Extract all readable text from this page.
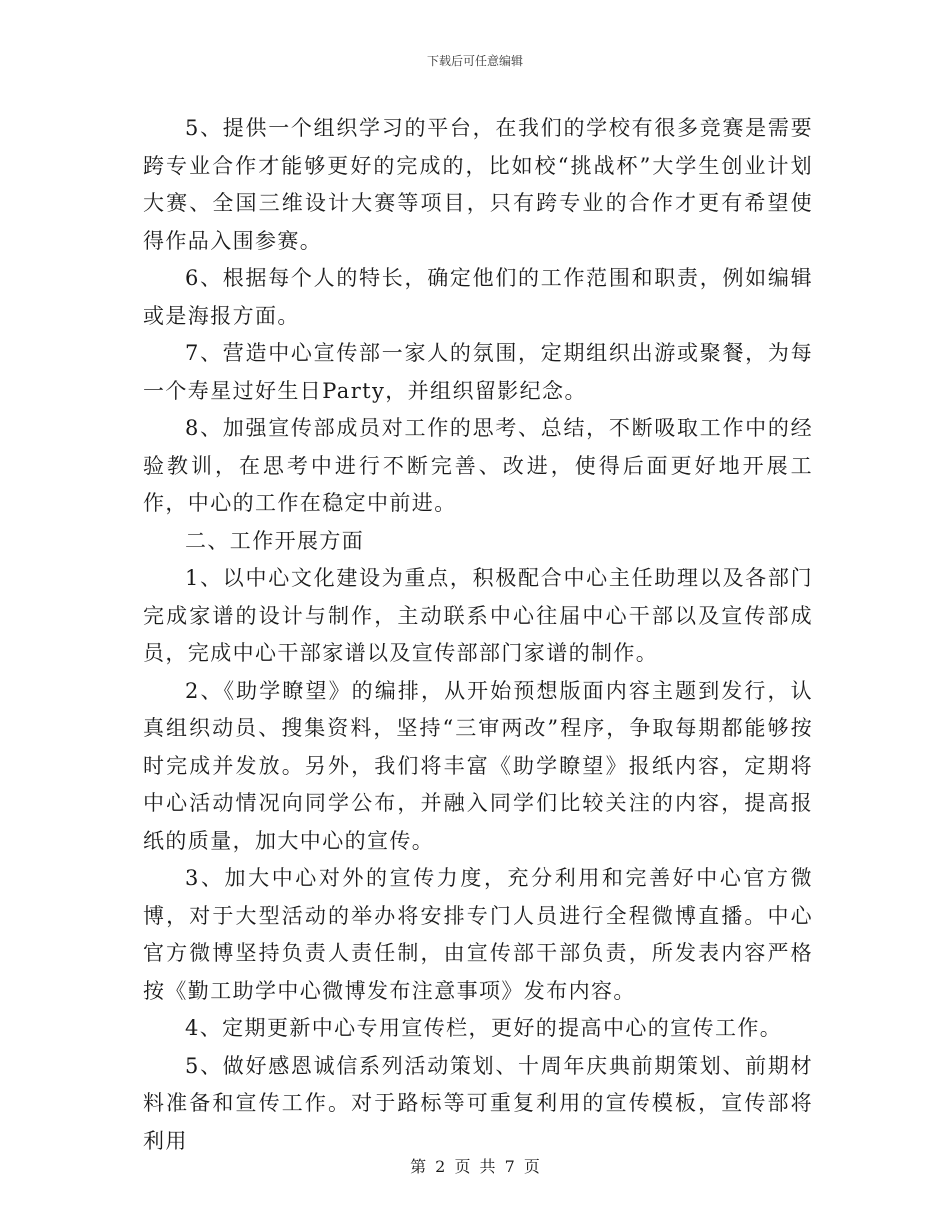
下载后可任意编辑

5、提供一个组织学习的平台，在我们的学校有很多竞赛是需要跨专业合作才能够更好的完成的，比如校“挑战杯”大学生创业计划大赛、全国三维设计大赛等项目，只有跨专业的合作才更有希望使得作品入围参赛。

6、根据每个人的特长，确定他们的工作范围和职责，例如编辑或是海报方面。

7、营造中心宣传部一家人的氛围，定期组织出游或聚餐，为每一个寿星过好生日Party，并组织留影纪念。

8、加强宣传部成员对工作的思考、总结，不断吸取工作中的经验教训，在思考中进行不断完善、改进，使得后面更好地开展工作，中心的工作在稳定中前进。

二、工作开展方面

1、以中心文化建设为重点，积极配合中心主任助理以及各部门完成家谱的设计与制作，主动联系中心往届中心干部以及宣传部成员，完成中心干部家谱以及宣传部部门家谱的制作。

2、《助学瞭望》的编排，从开始预想版面内容主题到发行，认真组织动员、搜集资料，坚持“三审两改”程序，争取每期都能够按时完成并发放。另外，我们将丰富《助学瞭望》报纸内容，定期将中心活动情况向同学公布，并融入同学们比较关注的内容，提高报纸的质量，加大中心的宣传。

3、加大中心对外的宣传力度，充分利用和完善好中心官方微博，对于大型活动的举办将安排专门人员进行全程微博直播。中心官方微博坚持负责人责任制，由宣传部干部负责，所发表内容严格按《勤工助学中心微博发布注意事项》发布内容。

4、定期更新中心专用宣传栏，更好的提高中心的宣传工作。

5、做好感恩诚信系列活动策划、十周年庆典前期策划、前期材料准备和宣传工作。对于路标等可重复利用的宣传模板，宣传部将利用

第 2 页 共 7 页
